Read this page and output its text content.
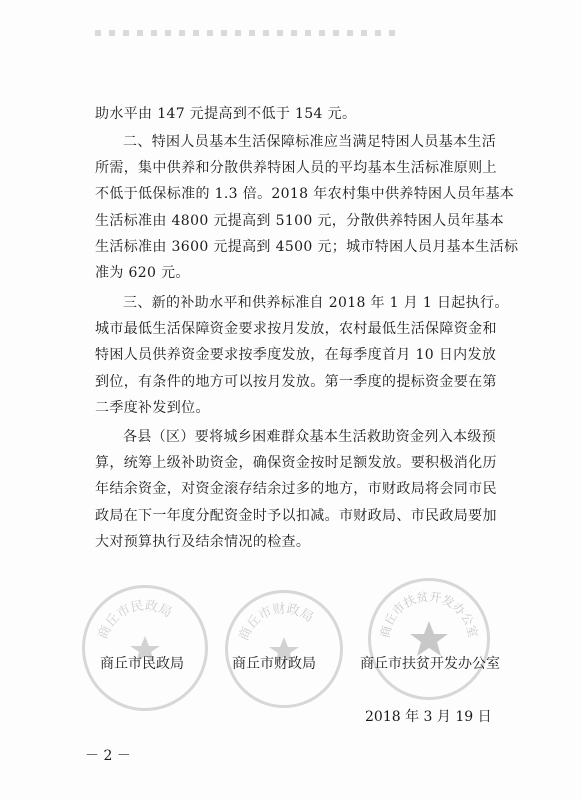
助水平由 147 元提高到不低于 154 元。
二、特困人员基本生活保障标准应当满足特困人员基本生活
所需，集中供养和分散供养特困人员的平均基本生活标准原则上
不低于低保标准的 1.3 倍。2018 年农村集中供养特困人员年基本
生活标准由 4800 元提高到 5100 元，分散供养特困人员年基本
生活标准由 3600 元提高到 4500 元；城市特困人员月基本生活标
准为 620 元。
三、新的补助水平和供养标准自 2018 年 1 月 1 日起执行。
城市最低生活保障资金要求按月发放，农村最低生活保障资金和
特困人员供养资金要求按季度发放，在每季度首月 10 日内发放
到位，有条件的地方可以按月发放。第一季度的提标资金要在第
二季度补发到位。
各县（区）要将城乡困难群众基本生活救助资金列入本级预
算，统筹上级补助资金，确保资金按时足额发放。要积极消化历
年结余资金，对资金滚存结余过多的地方，市财政局将会同市民
政局在下一年度分配资金时予以扣减。市财政局、市民政局要加
大对预算执行及结余情况的检查。
商丘市民政局
商丘市财政局
商丘市扶贫开发办公室
商丘市民政局	商丘市财政局	商丘市扶贫开发办公室
2018 年 3 月 19 日
－ 2 －
